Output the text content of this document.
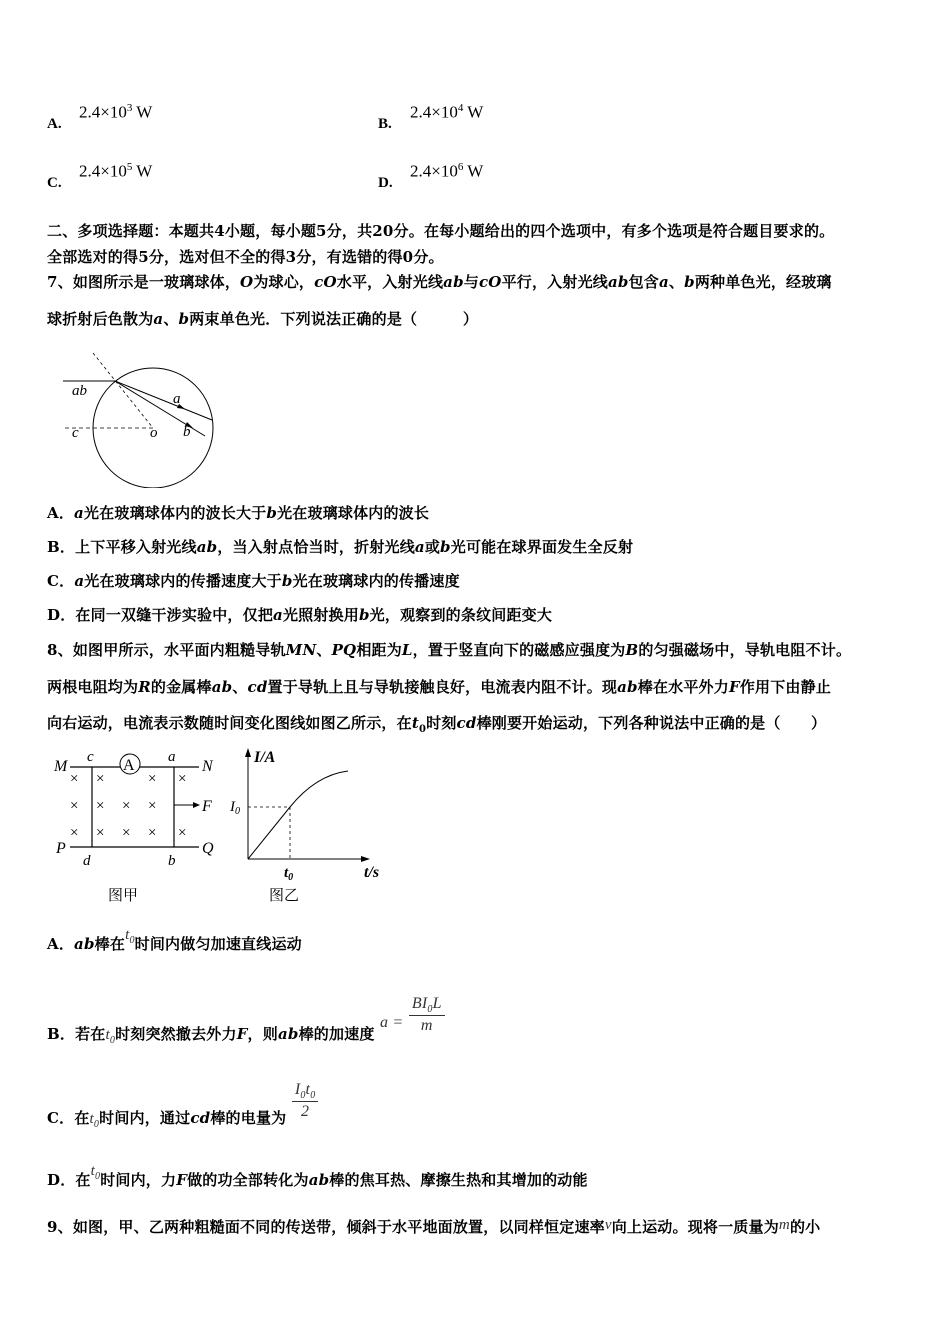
A.
$2.4\times 10^3$ W
B.
$2.4\times 10^4$ W
C.
$2.4\times 10^5$ W
D.
$2.4\times 10^6$ W
二、多项选择题：本题共4小题，每小题5分，共20分。在每小题给出的四个选项中，有多个选项是符合题目要求的。
全部选对的得5分，选对但不全的得3分，有选错的得0分。
7、如图所示是一玻璃球体，O为球心，cO水平，入射光线ab与cO平行，入射光线ab包含a、b两种单色光，经玻璃
球折射后色散为a、b两束单色光．下列说法正确的是（　　　）
ab
c	o
a
b
A．a光在玻璃球体内的波长大于b光在玻璃球体内的波长
B．上下平移入射光线ab，当入射点恰当时，折射光线a或b光可能在球界面发生全反射
C．a光在玻璃球内的传播速度大于b光在玻璃球内的传播速度
D．在同一双缝干涉实验中，仅把a光照射换用b光，观察到的条纹间距变大
8、如图甲所示，水平面内粗糙导轨MN、PQ相距为L，置于竖直向下的磁感应强度为B的匀强磁场中，导轨电阻不计。
两根电阻均为R的金属棒ab、cd置于导轨上且与导轨接触良好，电流表内阻不计。现ab棒在水平外力F作用下由静止
向右运动，电流表示数随时间变化图线如图乙所示，在$t_0$时刻cd棒刚要开始运动，下列各种说法中正确的是（　　）
A
M
c	a
N
F
P
d	b
Q
× ×	× ×
× × × ×
× × × × ×
图甲
I/A
t/s
$I_0$
$t_0$
图乙
A．ab棒在$t_0$时间内做匀加速直线运动
B．若在$t_0$时刻突然撤去外力F，则ab棒的加速度 $a = \frac{BI_0L}{m}$
C．在$t_0$时间内，通过cd棒的电量为 $\frac{I_0t_0}{2}$
D．在$t_0$时间内，力F做的功全部转化为ab棒的焦耳热、摩擦生热和其增加的动能
9、如图，甲、乙两种粗糙面不同的传送带，倾斜于水平地面放置，以同样恒定速率v向上运动。现将一质量为m的小
